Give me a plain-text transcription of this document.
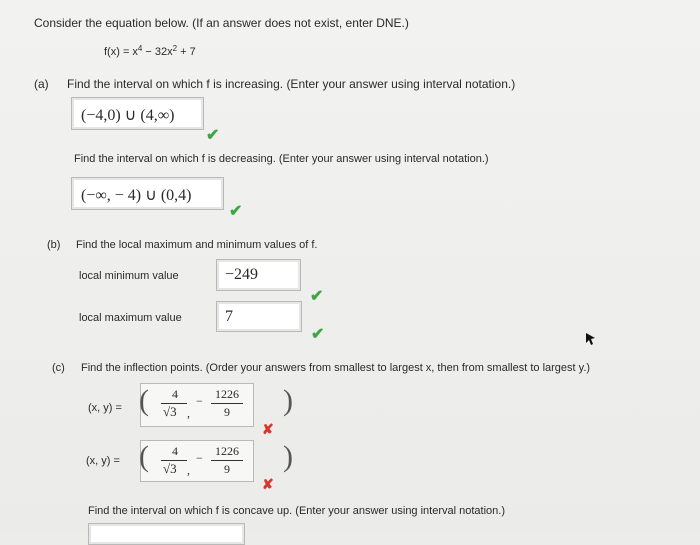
Consider the equation below. (If an answer does not exist, enter DNE.)
$f(x) = x^4 - 32x^2 + 7$
(a) Find the interval on which f is increasing. (Enter your answer using interval notation.)
(−4,0) ∪ (4,∞)
✔
Find the interval on which f is decreasing. (Enter your answer using interval notation.)
(−∞, − 4) ∪ (0,4)
✔
(b) Find the local maximum and minimum values of f.
local minimum value	−249
✔
local maximum value	7
✔
(c) Find the inflection points. (Order your answers from smallest to largest x, then from smallest to largest y.)
(x, y) = (	4
√3 ,
−	1226
9	)
✘
(x, y) = (	4
√3 ,
−	1226
9	)
✘
Find the interval on which f is concave up. (Enter your answer using interval notation.)
